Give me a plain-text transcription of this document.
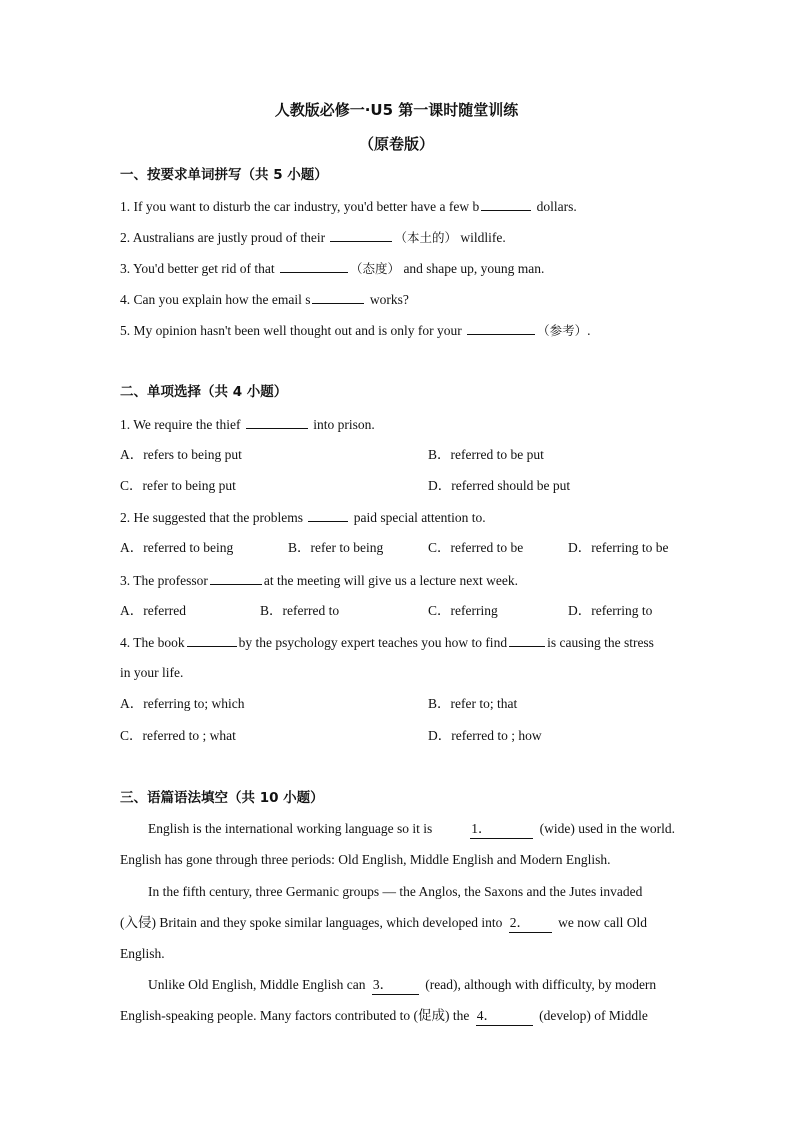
人教版必修一·U5 第一课时随堂训练
（原卷版）
一、按要求单词拼写（共 5 小题）
1. If you want to disturb the car industry, you'd better have a few b	dollars.
2. Australians are justly proud of their	（本土的） wildlife.
3. You'd better get rid of that	（态度） and shape up, young man.
4. Can you explain how the email s	works?
5. My opinion hasn't been well thought out and is only for your	（参考）.
二、单项选择（共 4 小题）
1. We require the thief	into prison.
A．refers to being put	B．referred to be put
C．refer to being put	D．referred should be put
2. He suggested that the problems	paid special attention to.
A．referred to being	B．refer to being	C．referred to be	D．referring to be
3. The professor	at the meeting will give us a lecture next week.
A．referred	B．referred to	C．referring	D．referring to
4. The book	by the psychology expert teaches you how to find	is causing the stress
in your life.
A．referring to; which	B．refer to; that
C．referred to ; what	D．referred to ; how
三、语篇语法填空（共 10 小题）
English is the international working language so it is	1．	(wide) used in the world.
English has gone through three periods: Old English, Middle English and Modern English.
In the fifth century, three Germanic groups — the Anglos, the Saxons and the Jutes invaded
(入侵) Britain and they spoke similar languages, which developed into 2． we now call Old
English.
Unlike Old English, Middle English can 3． (read), although with difficulty, by modern
English-speaking people. Many factors contributed to (促成) the 4．	(develop) of Middle
